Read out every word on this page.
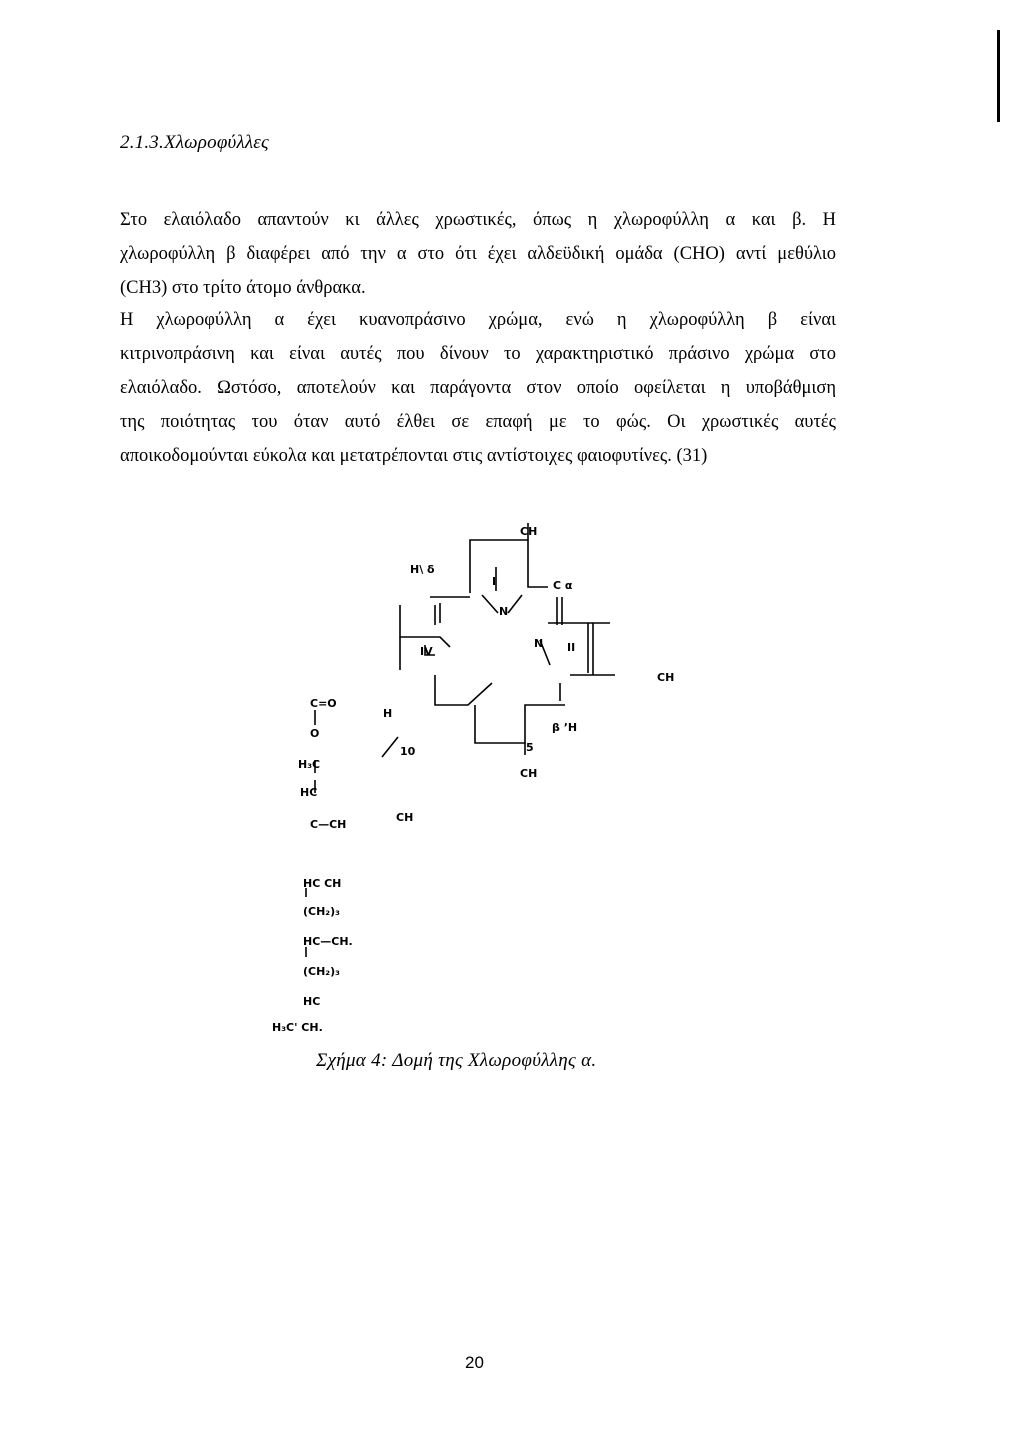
2.1.3.Χλωροφύλλες
Στο ελαιόλαδο απαντούν κι άλλες χρωστικές, όπως η χλωροφύλλη α και β. Η
χλωροφύλλη β διαφέρει από την α στο ότι έχει αλδεϋδική ομάδα (CHO) αντί μεθύλιο
(CH3) στο τρίτο άτομο άνθρακα.
Η χλωροφύλλη α έχει κυανοπράσινο χρώμα, ενώ η χλωροφύλλη β είναι
κιτρινοπράσινη και είναι αυτές που δίνουν το χαρακτηριστικό πράσινο χρώμα στο
ελαιόλαδο. Ωστόσο, αποτελούν και παράγοντα στον οποίο οφείλεται η υποβάθμιση
της ποιότητας του όταν αυτό έλθει σε επαφή με το φώς. Οι χρωστικές αυτές
αποικοδομούνται εύκολα και μετατρέπονται στις αντίστοιχες φαιοφυτίνες. (31)
CH
H\ δ
I	C α
N
IV
N II
CH
C=O
O
H
H₃C
HC
C—CH
10
β ʼH
5
CH
CH
HC CH
(CH₂)₃
HC—CH.
(CH₂)₃
HC
H₃C' CH.

Σχήμα 4: Δομή της Χλωροφύλλης α.

20
